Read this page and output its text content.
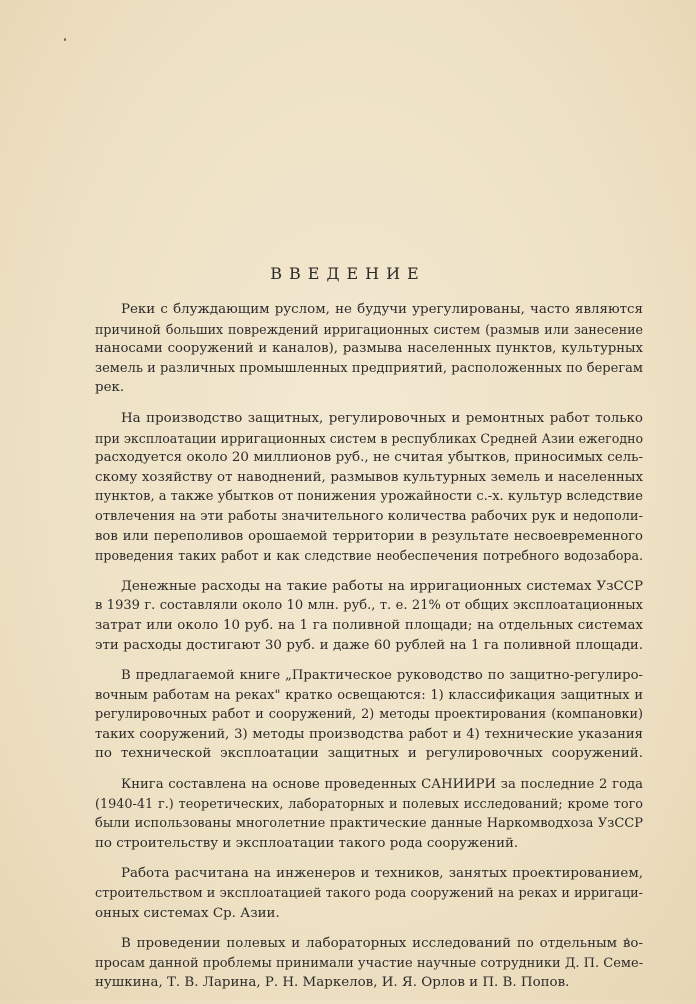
ВВЕДЕНИЕ

Реки с блуждающим руслом, не будучи урегулированы, часто являются
причиной больших повреждений ирригационных систем (размыв или занесение
наносами сооружений и каналов), размыва населенных пунктов, культурных
земель и различных промышленных предприятий, расположенных по берегам
рек.

На производство защитных, регулировочных и ремонтных работ только
при эксплоатации ирригационных систем в республиках Средней Азии ежегодно
расходуется около 20 миллионов руб., не считая убытков, приносимых сель-
скому хозяйству от наводнений, размывов культурных земель и населенных
пунктов, а также убытков от понижения урожайности с.-х. культур вследствие
отвлечения на эти работы значительного количества рабочих рук и недополи-
вов или переполивов орошаемой территории в результате несвоевременного
проведения таких работ и как следствие необеспечения потребного водозабора.

Денежные расходы на такие работы на ирригационных системах УзССР
в 1939 г. составляли около 10 млн. руб., т. е. 21% от общих эксплоатационных
затрат или около 10 руб. на 1 га поливной площади; на отдельных системах
эти расходы достигают 30 руб. и даже 60 рублей на 1 га поливной площади.

В предлагаемой книге „Практическое руководство по защитно-регулиро-
вочным работам на реках" кратко освещаются: 1) классификация защитных и
регулировочных работ и сооружений, 2) методы проектирования (компановки)
таких сооружений, 3) методы производства работ и 4) технические указания
по технической эксплоатации защитных и регулировочных сооружений.

Книга составлена на основе проведенных САНИИРИ за последние 2 года
(1940-41 г.) теоретических, лабораторных и полевых исследований; кроме того
были использованы многолетние практические данные Наркомводхоза УзССР
по строительству и эксплоатации такого рода сооружений.

Работа расчитана на инженеров и техников, занятых проектированием,
строительством и эксплоатацией такого рода сооружений на реках и ирригаци-
онных системах Ср. Азии.

В проведении полевых и лабораторных исследований по отдельным во-
просам данной проблемы принимали участие научные сотрудники Д. П. Семе-
нушкина, Т. В. Ларина, Р. Н. Маркелов, И. Я. Орлов и П. В. Попов.
